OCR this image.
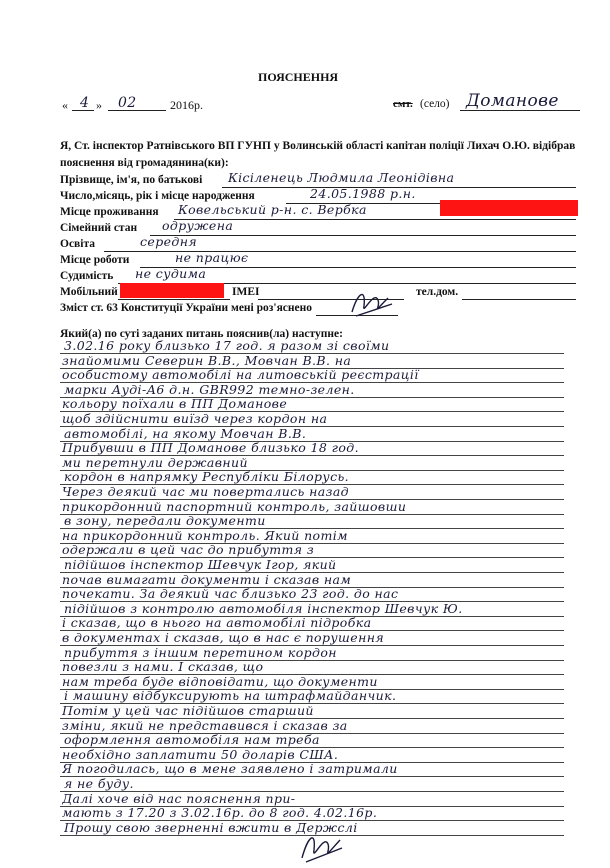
ПОЯСНЕННЯ
« 4 » 02	2016р.	смт. (село) Доманове
Я, Ст. інспектор Ратнівського ВП ГУНП у Волинській області капітан поліції Лихач О.Ю. відібрав
пояснення від громадянина(ки):
Прізвище, ім'я, по батькові Кісіленець Людмила Леонідівна
Число,місяць, рік і місце народження	24.05.1988 р.н.
Місце проживання Ковельський р-н. с. Вербка
Сімейний стан одружена
Освіта	середня
Місце роботи	не працює
Судимість не судима
Мобільний	IMEI	тел.дом.
Зміст ст. 63 Конституції України мені роз'яснено
Який(а) по суті заданих питань пояснив(ла) наступне:
3.02.16 року близько 17 год. я разом зі своїми
знайомими Северин В.В., Мовчан В.В. на
особистому автомобілі на литовській реєстрації
марки Ауді-А6 д.н. GBR992 темно-зелен.
кольору поїхали в ПП Доманове
щоб здійснити виїзд через кордон на
автомобілі, на якому Мовчан В.В.
Прибувши в ПП Доманове близько 18 год.
ми перетнули державний
кордон в напрямку Республіки Білорусь.
Через деякий час ми повертались назад
прикордонний паспортний контроль, зайшовши
в зону, передали документи
на прикордонний контроль. Який потім
одержали в цей час до прибуття з
підійшов інспектор Шевчук Ігор, який
почав вимагати документи і сказав нам
почекати. За деякий час близько 23 год. до нас
підійшов з контролю автомобіля інспектор Шевчук Ю.
і сказав, що в нього на автомобілі підробка
в документах і сказав, що в нас є порушення
прибуття з іншим перетином кордон
повезли з нами. І сказав, що
нам треба буде відповідати, що документи
і машину відбуксирують на штрафмайданчик.
Потім у цей час підійшов старший
зміни, який не представився і сказав за
оформлення автомобіля нам треба
необхідно заплатити 50 доларів США.
Я погодилась, що в мене заявлено і затримали
я не буду.
Далі хоче від нас пояснення при-
мають з 17.20 з 3.02.16р. до 8 год. 4.02.16р.
Прошу свою зверненні вжити в Держслі
